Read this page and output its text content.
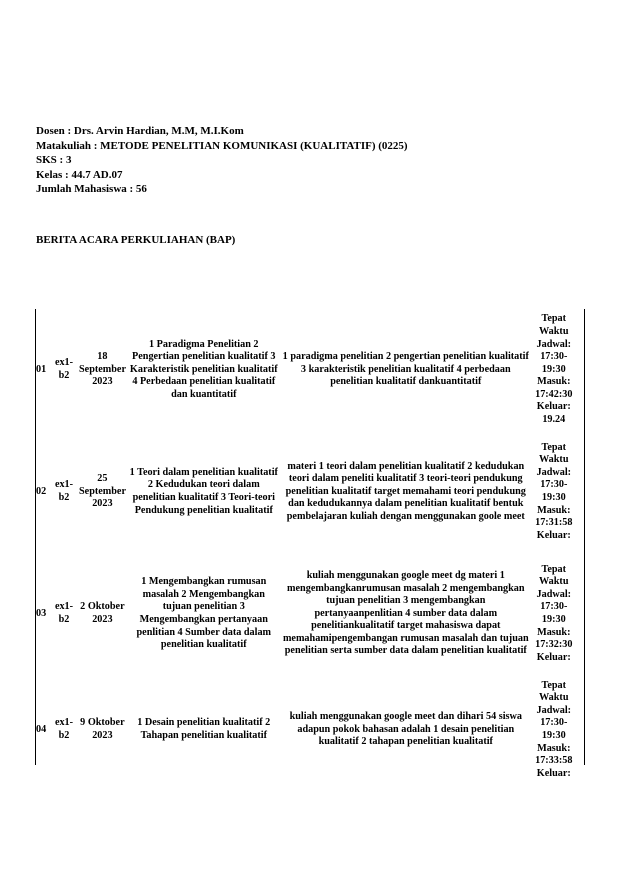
Dosen : Drs. Arvin Hardian, M.M, M.I.Kom
Matakuliah : METODE PENELITIAN KOMUNIKASI (KUALITATIF) (0225)
SKS : 3
Kelas : 44.7 AD.07
Jumlah Mahasiswa : 56
BERITA ACARA PERKULIAHAN (BAP)
01	ex1-b2	18 September 2023	1 Paradigma Penelitian 2 Pengertian penelitian kualitatif 3 Karakteristik penelitian kualitatif 4 Perbedaan penelitian kualitatif dan kuantitatif	1 paradigma penelitian 2 pengertian penelitian kualitatif 3 karakteristik penelitian kualitatif 4 perbedaan penelitian kualitatif dankuantitatif	Tepat Waktu Jadwal: 17:30-19:30 Masuk: 17:42:30 Keluar: 19.24
02	ex1-b2	25 September 2023	1 Teori dalam penelitian kualitatif 2 Kedudukan teori dalam penelitian kualitatif 3 Teori-teori Pendukung penelitian kualitatif	materi 1 teori dalam penelitian kualitatif 2 kedudukan teori dalam peneliti kualitatif 3 teori-teori pendukung penelitian kualitatif target memahami teori pendukung dan kedudukannya dalam penelitian kualitatif bentuk pembelajaran kuliah dengan menggunakan goole meet	Tepat Waktu Jadwal: 17:30-19:30 Masuk: 17:31:58 Keluar:
03	ex1-b2	2 Oktober 2023	1 Mengembangkan rumusan masalah 2 Mengembangkan tujuan penelitian 3 Mengembangkan pertanyaan penlitian 4 Sumber data dalam penelitian kualitatif	kuliah menggunakan google meet dg materi 1 mengembangkanrumusan masalah 2 mengembangkan tujuan penelitian 3 mengembangkan pertanyaanpenlitian 4 sumber data dalam penelitiankualitatif target mahasiswa dapat memahamipengembangan rumusan masalah dan tujuan penelitian serta sumber data dalam penelitian kualitatif	Tepat Waktu Jadwal: 17:30-19:30 Masuk: 17:32:30 Keluar:
04	ex1-b2	9 Oktober 2023	1 Desain penelitian kualitatif 2 Tahapan penelitian kualitatif	kuliah menggunakan google meet dan dihari 54 siswa adapun pokok bahasan adalah 1 desain penelitian kualitatif 2 tahapan penelitian kualitatif	Tepat Waktu Jadwal: 17:30-19:30 Masuk: 17:33:58 Keluar:
